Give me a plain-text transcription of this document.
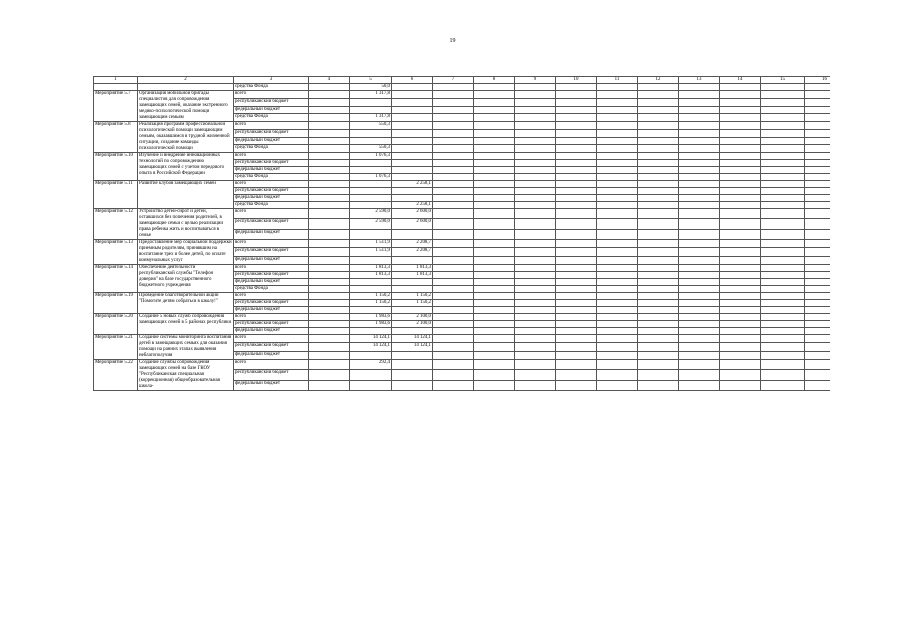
19
1	2	3	4	5	6	7	8	9	10	11	12	13	14	15	16
		средства Фонда		50,0											
Мероприятие 5.7	Организация мобильной бригады специалистов для сопровождения замещающих семей, оказание экстренного медико-психологической помощи замещающим семьям	всего		1 317,8											
		республиканский бюджет													
		федеральный бюджет													
		средства Фонда		1 317,8											
Мероприятие 5.8	Реализация программ профессиональной психологической помощи замещающим семьям, оказавшимся в трудной жизненной ситуации, создание команды психологической помощи	всего		550,3											
		республиканский бюджет													
		федеральный бюджет													
		средства Фонда		550,3											
Мероприятие 5.10	Изучение и внедрение инновационных технологий по сопровождению замещающих семей с учетом передового опыта в Российской Федерации	всего		1 076,3											
		республиканский бюджет													
		федеральный бюджет													
		средства Фонда		1 076,3											
Мероприятие 5.11	Развитие клубов замещающих семей	всего			2 258,1										
		республиканский бюджет													
		федеральный бюджет													
		средства Фонда			2 258,1										
Мероприятие 5.12	Устройство детей-сирот и детей, оставшихся без попечения родителей, в замещающие семьи с целью реализации права ребенка жить и воспитываться в семье	всего		2 590,0	2 600,0										
		республиканский бюджет		2 590,0	2 600,0										
		федеральный бюджет													
Мероприятие 5.13	Предоставление мер социальной поддержки приемным родителям, принявшим на воспитание трех и более детей, по оплате коммунальных услуг	всего		1 511,9	2 208,7										
		республиканский бюджет		1 511,9	2 208,7										
		федеральный бюджет													
Мероприятие 5.14	Обеспечение деятельности республиканской службы "Телефон доверия" на базе государственного бюджетного учреждения	всего		1 813,3	1 813,3										
		республиканский бюджет		1 813,3	1 813,3										
		федеральный бюджет													
		средства Фонда													
Мероприятие 5.19	Проведение благотворительной акции "Помогите детям собраться в школу!"	всего		1 150,2	1 150,2										
		республиканский бюджет		1 150,2	1 150,2										
		федеральный бюджет													
Мероприятие 5.20	Создание 5 новых служб сопровождения замещающих семей в 5 районах республики	всего		1 983,6	2 100,0										
		республиканский бюджет		1 983,6	2 100,0										
		федеральный бюджет													
Мероприятие 5.21	Создание системы мониторинга воспитания детей в замещающих семьях для оказания помощи на ранних этапах выявления неблагополучия	всего		14 124,1	14 124,1										
		республиканский бюджет		14 124,1	14 124,1										
		федеральный бюджет													
Мероприятие 5.22	Создание службы сопровождения замещающих семей на базе ГКОУ "Республиканская специальная (коррекционная) общеобразовательная школа-	всего		292,4											
		республиканский бюджет													
		федеральный бюджет													
